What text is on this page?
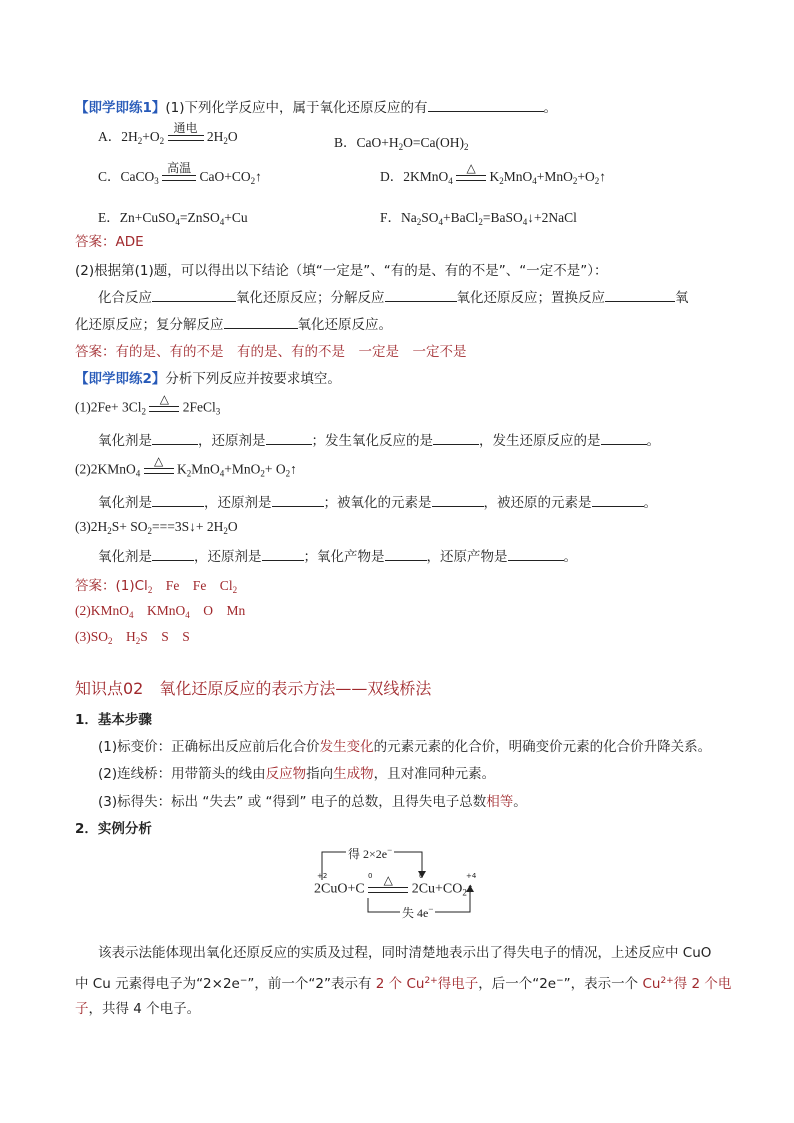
【即学即练1】(1)下列化学反应中，属于氧化还原反应的有	。
A．$2H_2+O_2$
通电
$2H_2O$	B．$CaO+H_2O=Ca(OH)_2$
C．CaCO$_3$
高温
$CaO+CO_2↑$	D．2KMnO$_4$
△
$K_2MnO_4+MnO_2+O_2↑$
E．Zn+CuSO$_4$=ZnSO$_4$+Cu	F．$Na_2SO_4+BaCl_2=BaSO_4↓+2NaCl$
答案：ADE
(2)根据第(1)题，可以得出以下结论（填“一定是”、“有的是、有的不是”、“一定不是”）：
化合反应	氧化还原反应；分解反应	氧化还原反应；置换反应	氧
化还原反应；复分解反应	氧化还原反应。
答案：有的是、有的不是　有的是、有的不是　一定是　一定不是
【即学即练2】分析下列反应并按要求填空。
$(1)2Fe+ 3Cl_2$
△
2FeCl$_3$
氧化剂是	，还原剂是	；发生氧化反应的是	，发生还原反应的是	。
(2)2KMnO$_4$
△
$K_2MnO_4+MnO_2+$ $O_2↑$
氧化剂是	，还原剂是	；被氧化的元素是	，被还原的元素是	。
$(3)2H_2S+$ $SO_2===3S↓+ 2H_2O$
氧化剂是	，还原剂是	；氧化产物是	，还原产物是	。
答案：$(1)Cl_2$　Fe　Fe　$Cl_2$
(2)KMnO$_4$　KMnO$_4$　O　Mn
$(3)SO_2$　$H_2S$　S　S
知识点02　氧化还原反应的表示方法——双线桥法
1．基本步骤
(1)标变价：正确标出反应前后化合价发生变化的元素元素的化合价，明确变价元素的化合价升降关系。
(2)连线桥：用带箭头的线由反应物指向生成物，且对准同种元素。
(3)标得失：标出 “失去” 或 “得到” 电子的总数，且得失电子总数相等。
2．实例分析
得 2×2e−
失 4e−
+2	0	0	+4
2CuO+C
△
$2Cu+CO_2↑$
该表示法能体现出氧化还原反应的实质及过程，同时清楚地表示出了得失电子的情况，上述反应中 CuO
中 Cu 元素得电子为“2×2e−”，前一个“2”表示有 2 个 $Cu^{2+}$得电子，后一个“2e−”，表示一个 $Cu^{2+}$得 2 个电
子，共得 4 个电子。
